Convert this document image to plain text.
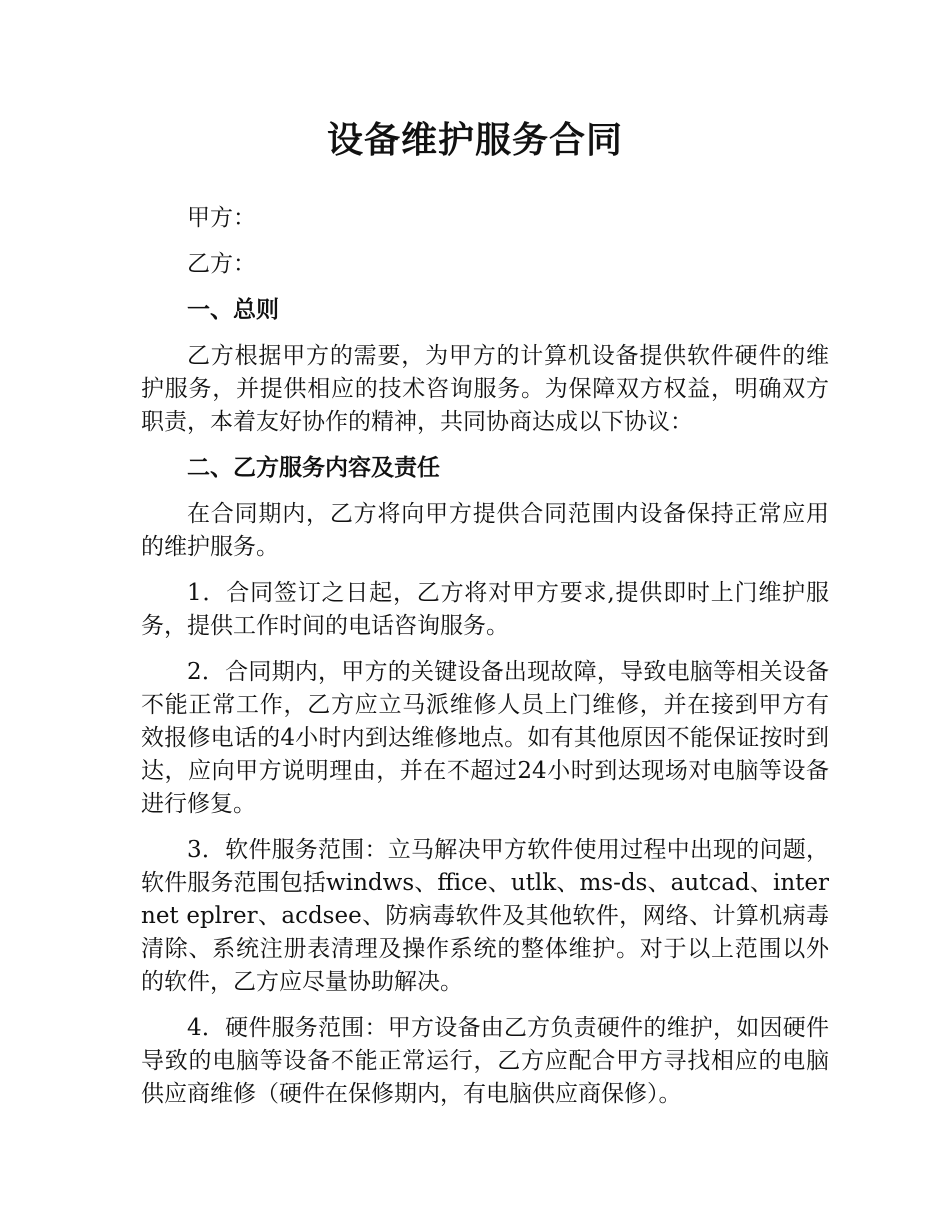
设备维护服务合同

甲方：

乙方：

一、总则

乙方根据甲方的需要，为甲方的计算机设备提供软件硬件的维护服务，并提供相应的技术咨询服务。为保障双方权益，明确双方职责，本着友好协作的精神，共同协商达成以下协议：

二、乙方服务内容及责任

在合同期内，乙方将向甲方提供合同范围内设备保持正常应用的维护服务。

1．合同签订之日起，乙方将对甲方要求,提供即时上门维护服务，提供工作时间的电话咨询服务。

2．合同期内，甲方的关键设备出现故障，导致电脑等相关设备不能正常工作，乙方应立马派维修人员上门维修，并在接到甲方有效报修电话的4小时内到达维修地点。如有其他原因不能保证按时到达，应向甲方说明理由，并在不超过24小时到达现场对电脑等设备进行修复。

3．软件服务范围：立马解决甲方软件使用过程中出现的问题，软件服务范围包括windws、ffice、utlk、ms-ds、autcad、internet eplrer、acdsee、防病毒软件及其他软件，网络、计算机病毒清除、系统注册表清理及操作系统的整体维护。对于以上范围以外的软件，乙方应尽量协助解决。

4．硬件服务范围：甲方设备由乙方负责硬件的维护，如因硬件导致的电脑等设备不能正常运行，乙方应配合甲方寻找相应的电脑供应商维修（硬件在保修期内，有电脑供应商保修）。
